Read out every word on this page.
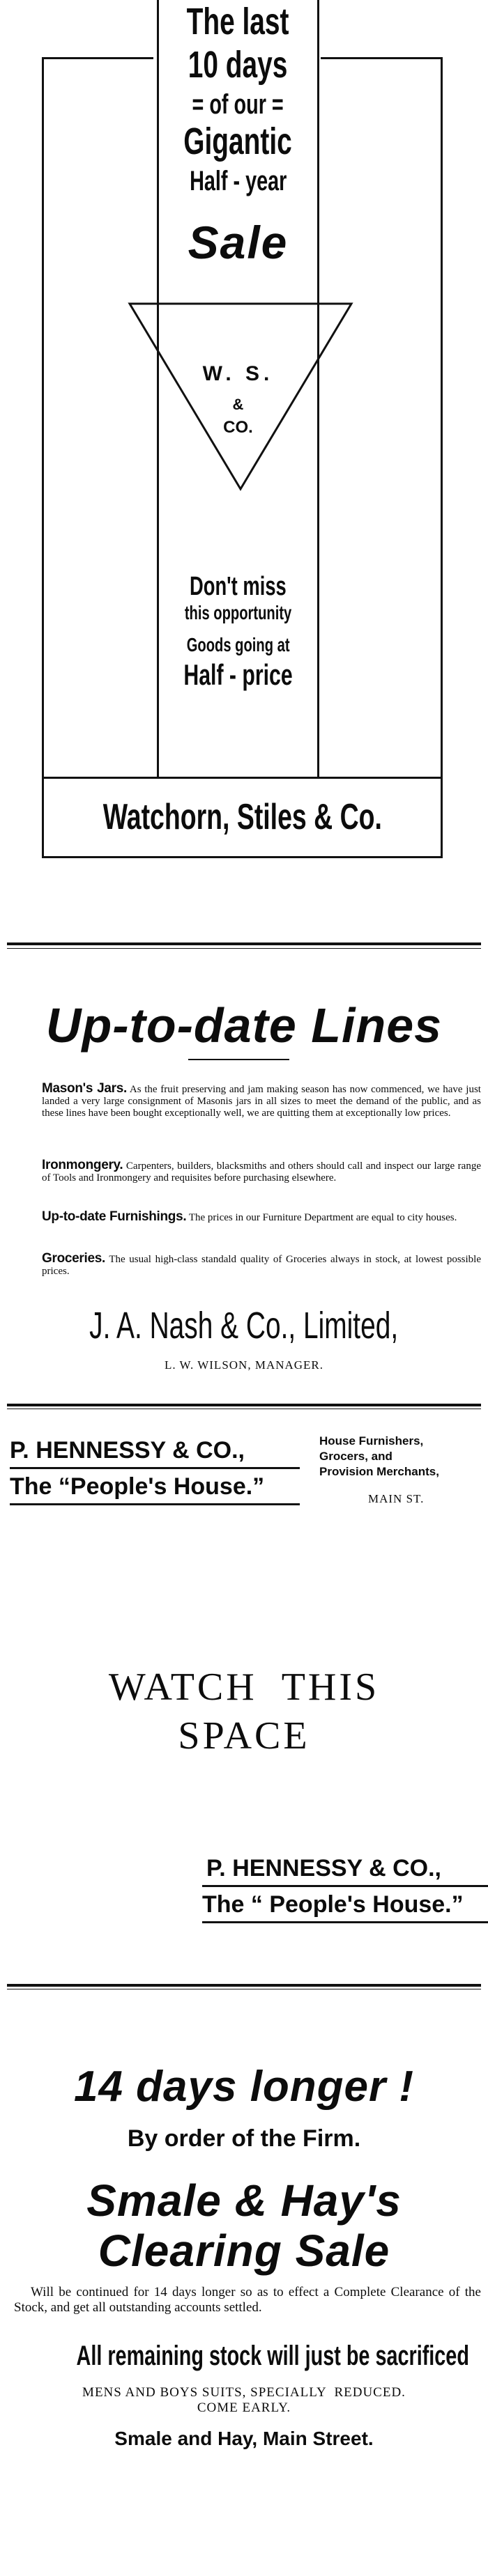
The last
10 days
= of our =
Gigantic
Half - year
Sale
W. S.
&
CO.
Don't miss
this opportunity
Goods going at
Half - price
Watchorn, Stiles & Co.
Up-to-date Lines
Mason's Jars. As the fruit preserving and jam making season has now commenced, we have just landed a very large consignment of Masonis jars in all sizes to meet the demand of the public, and as these lines have been bought exceptionally well, we are quitting them at exceptionally low prices.
Ironmongery. Carpenters, builders, blacksmiths and others should call and inspect our large range of Tools and Ironmongery and requisites before purchasing elsewhere.
Up-to-date Furnishings. The prices in our Furniture Department are equal to city houses.
Groceries. The usual high-class standald quality of Groceries always in stock, at lowest possible prices.
J. A. Nash & Co., Limited,
L. W. WILSON, MANAGER.
P. HENNESSY & CO.,
The “People's House.”
House Furnishers,
Grocers, and
Provision Merchants,
MAIN ST.
WATCH  THIS
SPACE
P. HENNESSY & CO.,
The “ People's House.”
14 days longer !
By order of the Firm.
Smale & Hay's
Clearing Sale
Will be continued for 14 days longer so as to effect a Complete Clearance of the Stock, and get all outstanding accounts settled.
All remaining stock will just be sacrificed
MENS AND BOYS SUITS, SPECIALLY  REDUCED.
COME EARLY.
Smale and Hay, Main Street.
